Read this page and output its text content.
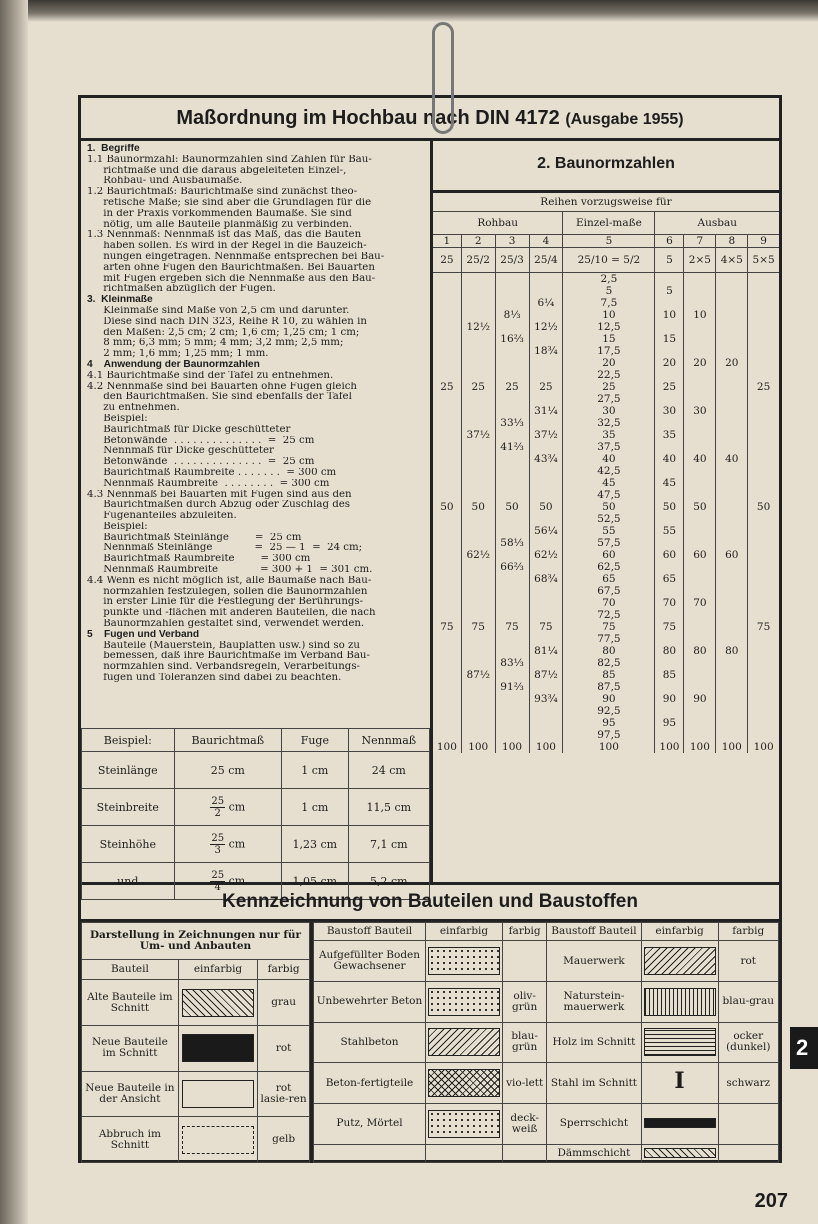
Maßordnung im Hochbau nach DIN 4172 (Ausgabe 1955)
1.  Begriffe
1.1 Baunormzahl: Baunormzahlen sind Zahlen für Bau-
richtmaße und die daraus abgeleiteten Einzel-,
Rohbau- und Ausbaumaße.
1.2 Baurichtmaß: Baurichtmaße sind zunächst theo-
retische Maße; sie sind aber die Grundlagen für die
in der Praxis vorkommenden Baumaße. Sie sind
nötig, um alle Bauteile planmäßig zu verbinden.
1.3 Nennmaß: Nennmaß ist das Maß, das die Bauten
haben sollen. Es wird in der Regel in die Bauzeich-
nungen eingetragen. Nennmaße entsprechen bei Bau-
arten ohne Fugen den Baurichtmaßen. Bei Bauarten
mit Fugen ergeben sich die Nennmaße aus den Bau-
richtmaßen abzüglich der Fugen.
3.  Kleinmaße
Kleinmaße sind Maße von 2,5 cm und darunter.
Diese sind nach DIN 323, Reihe R 10, zu wählen in
den Maßen: 2,5 cm; 2 cm; 1,6 cm; 1,25 cm; 1 cm;
8 mm; 6,3 mm; 5 mm; 4 mm; 3,2 mm; 2,5 mm;
2 mm; 1,6 mm; 1,25 mm; 1 mm.
4    Anwendung der Baunormzahlen
4.1 Baurichtmaße sind der Tafel zu entnehmen.
4.2 Nennmaße sind bei Bauarten ohne Fugen gleich
den Baurichtmaßen. Sie sind ebenfalls der Tafel
zu entnehmen.
Beispiel:
Baurichtmaß für Dicke geschütteter
Betonwände  . . . . . . . . . . . . . .  =  25 cm
Nennmaß für Dicke geschütteter
Betonwände  . . . . . . . . . . . . . .  =  25 cm
Baurichtmaß Raumbreite . . . . . . .  = 300 cm
Nennmaß Raumbreite  . . . . . . . .  = 300 cm
4.3 Nennmaß bei Bauarten mit Fugen sind aus den
Baurichtmaßen durch Abzug oder Zuschlag des
Fugenanteiles abzuleiten.
Beispiel:
Baurichtmaß Steinlänge        =  25 cm
Nennmaß Steinlänge             =  25 — 1  =  24 cm;
Baurichtmaß Raumbreite        = 300 cm
Nennmaß Raumbreite             = 300 + 1  = 301 cm.
4.4 Wenn es nicht möglich ist, alle Baumaße nach Bau-
normzahlen festzulegen, sollen die Baunormzahlen
in erster Linie für die Festlegung der Berührungs-
punkte und -flächen mit anderen Bauteilen, die nach
Baunormzahlen gestaltet sind, verwendet werden.
5    Fugen und Verband
Bauteile (Mauerstein, Bauplatten usw.) sind so zu
bemessen, daß ihre Baurichtmaße im Verband Bau-
normzahlen sind. Verbandsregeln, Verarbeitungs-
fugen und Toleranzen sind dabei zu beachten.
Beispiel:	Baurichtmaß	Fuge	Nennmaß
Steinlänge	25 cm	1 cm	24 cm
Steinbreite	$\frac{25}{2}$ cm	1 cm	11,5 cm
Steinhöhe	$\frac{25}{3}$ cm	1,23 cm	7,1 cm
und	$\frac{25}{4}$ cm	1,05 cm	5,2 cm
2. Baunormzahlen
Reihen vorzugsweise für								
Rohbau				Einzel-maße	Ausbau			
1	2	3	4	5	6	7	8	9
25	25/2	25/3	25/4	25/10 = 5/2	5	2×5	4×5	5×5
				2,5				
				5	5			
			6¼	7,5				
		8⅓		10	10	10		
	12½		12½	12,5				
		16⅔		15	15			
			18¾	17,5				
				20	20	20	20	
				22,5				
25	25	25	25	25	25			25
				27,5				
			31¼	30	30	30		
		33⅓		32,5				
	37½		37½	35	35			
		41⅔		37,5				
			43¾	40	40	40	40	
				42,5				
				45	45			
				47,5				
50	50	50	50	50	50	50		50
				52,5				
			56¼	55	55			
		58⅓		57,5				
	62½		62½	60	60	60	60	
		66⅔		62,5				
			68¾	65	65			
				67,5				
				70	70	70		
				72,5				
75	75	75	75	75	75			75
				77,5				
			81¼	80	80	80	80	
		83⅓		82,5				
	87½		87½	85	85			
		91⅔		87,5				
			93¾	90	90	90		
				92,5				
				95	95			
				97,5				
100	100	100	100	100	100	100	100	100
Kennzeichnung von Bauteilen und Baustoffen
Darstellung in Zeichnungen nur für Um- und Anbauten		
Bauteil	einfarbig	farbig
Alte Bauteile im Schnitt		grau
Neue Bauteile im Schnitt		rot
Neue Bauteile in der Ansicht		rot lasie-ren
Abbruch im Schnitt		gelb
Baustoff Bauteil	einfarbig	farbig	Baustoff Bauteil	einfarbig	farbig
Aufgefüllter Boden Gewachsener			Mauerwerk		rot
Unbewehrter Beton		oliv-grün	Naturstein-mauerwerk		blau-grau
Stahlbeton		blau-grün	Holz im Schnitt		ocker (dunkel)
Beton-fertigteile		vio-lett	Stahl im Schnitt	I	schwarz
Putz, Mörtel		deck-weiß	Sperrschicht		
			Dämmschicht		
2
207
